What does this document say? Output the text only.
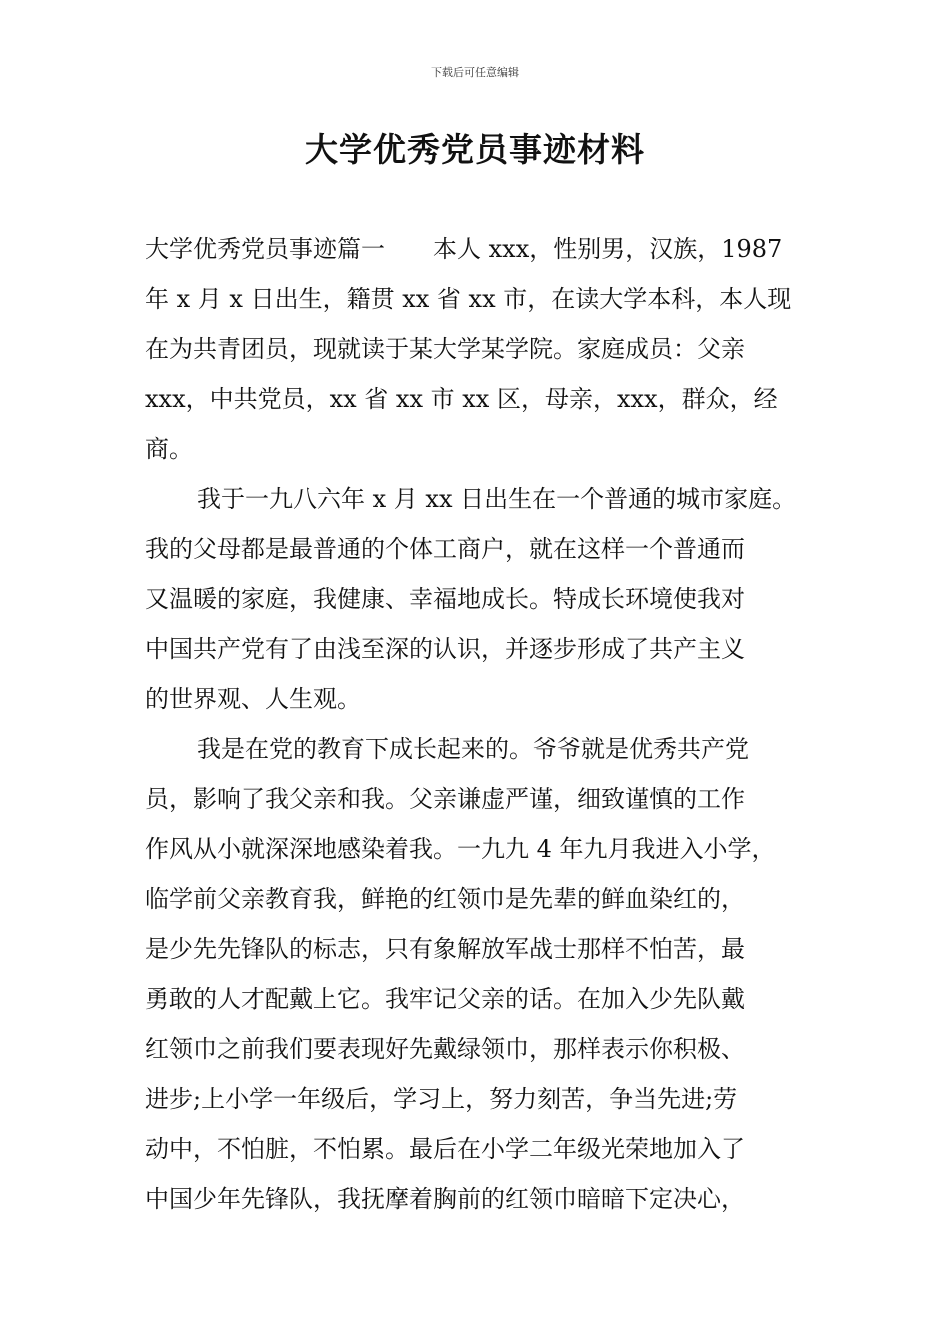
下载后可任意编辑
大学优秀党员事迹材料
大学优秀党员事迹篇一　　本人 xxx，性别男，汉族，1987
年 x 月 x 日出生，籍贯 xx 省 xx 市，在读大学本科，本人现
在为共青团员，现就读于某大学某学院。家庭成员：父亲
xxx，中共党员，xx 省 xx 市 xx 区，母亲，xxx，群众，经
商。
我于一九八六年 x 月 xx 日出生在一个普通的城市家庭。
我的父母都是最普通的个体工商户，就在这样一个普通而
又温暖的家庭，我健康、幸福地成长。特成长环境使我对
中国共产党有了由浅至深的认识，并逐步形成了共产主义
的世界观、人生观。
我是在党的教育下成长起来的。爷爷就是优秀共产党
员，影响了我父亲和我。父亲谦虚严谨，细致谨慎的工作
作风从小就深深地感染着我。一九九 4 年九月我进入小学，
临学前父亲教育我，鲜艳的红领巾是先辈的鲜血染红的，
是少先先锋队的标志，只有象解放军战士那样不怕苦，最
勇敢的人才配戴上它。我牢记父亲的话。在加入少先队戴
红领巾之前我们要表现好先戴绿领巾，那样表示你积极、
进步;上小学一年级后，学习上，努力刻苦，争当先进;劳
动中，不怕脏，不怕累。最后在小学二年级光荣地加入了
中国少年先锋队，我抚摩着胸前的红领巾暗暗下定决心，
